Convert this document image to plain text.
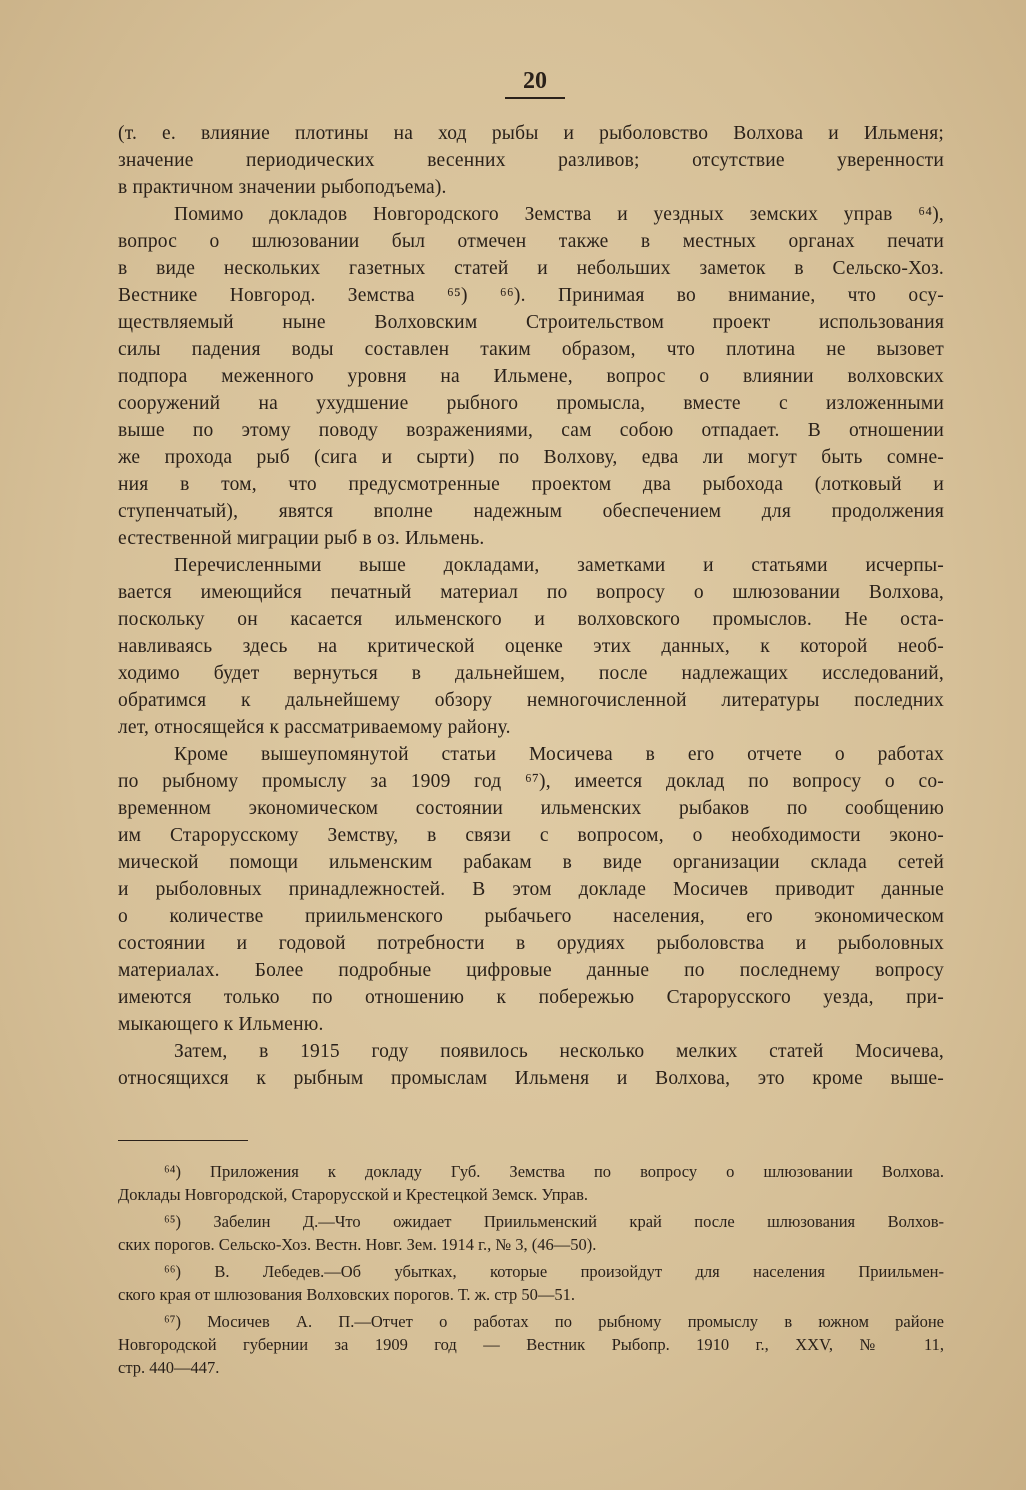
20
(т. е. влияние плотины на ход рыбы и рыболовство Волхова и Ильменя;
значение периодических весенних разливов; отсутствие уверенности
в практичном значении рыбоподъема).
Помимо докладов Новгородского Земства и уездных земских управ ⁶⁴),
вопрос о шлюзовании был отмечен также в местных органах печати
в виде нескольких газетных статей и небольших заметок в Сельско-Хоз.
Вестнике Новгород. Земства ⁶⁵) ⁶⁶). Принимая во внимание, что осу-
ществляемый ныне Волховским Строительством проект использования
силы падения воды составлен таким образом, что плотина не вызовет
подпора меженного уровня на Ильмене, вопрос о влиянии волховских
сооружений на ухудшение рыбного промысла, вместе с изложенными
выше по этому поводу возражениями, сам собою отпадает. В отношении
же прохода рыб (сига и сырти) по Волхову, едва ли могут быть сомне-
ния в том, что предусмотренные проектом два рыбохода (лотковый и
ступенчатый), явятся вполне надежным обеспечением для продолжения
естественной миграции рыб в оз. Ильмень.
Перечисленными выше докладами, заметками и статьями исчерпы-
вается имеющийся печатный материал по вопросу о шлюзовании Волхова,
поскольку он касается ильменского и волховского промыслов. Не оста-
навливаясь здесь на критической оценке этих данных, к которой необ-
ходимо будет вернуться в дальнейшем, после надлежащих исследований,
обратимся к дальнейшему обзору немногочисленной литературы последних
лет, относящейся к рассматриваемому району.
Кроме вышеупомянутой статьи Мосичева в его отчете о работах
по рыбному промыслу за 1909 год ⁶⁷), имеется доклад по вопросу о со-
временном экономическом состоянии ильменских рыбаков по сообщению
им Старорусскому Земству, в связи с вопросом, о необходимости эконо-
мической помощи ильменским рабакам в виде организации склада сетей
и рыболовных принадлежностей. В этом докладе Мосичев приводит данные
о количестве приильменского рыбачьего населения, его экономическом
состоянии и годовой потребности в орудиях рыболовства и рыболовных
материалах. Более подробные цифровые данные по последнему вопросу
имеются только по отношению к побережью Старорусского уезда, при-
мыкающего к Ильменю.
Затем, в 1915 году появилось несколько мелких статей Мосичева,
относящихся к рыбным промыслам Ильменя и Волхова, это кроме выше-
⁶⁴) Приложения к докладу Губ. Земства по вопросу о шлюзовании Волхова.
Доклады Новгородской, Старорусской и Крестецкой Земск. Управ.
⁶⁵) Забелин Д.—Что ожидает Приильменский край после шлюзования Волхов-
ских порогов. Сельско-Хоз. Вестн. Новг. Зем. 1914 г., № 3, (46—50).
⁶⁶) В. Лебедев.—Об убытках, которые произойдут для населения Приильмен-
ского края от шлюзования Волховских порогов. Т. ж. стр 50—51.
⁶⁷) Мосичев А. П.—Отчет о работах по рыбному промыслу в южном районе
Новгородской губернии за 1909 год — Вестник Рыбопр. 1910 г., XXV, № 11,
стр. 440—447.
